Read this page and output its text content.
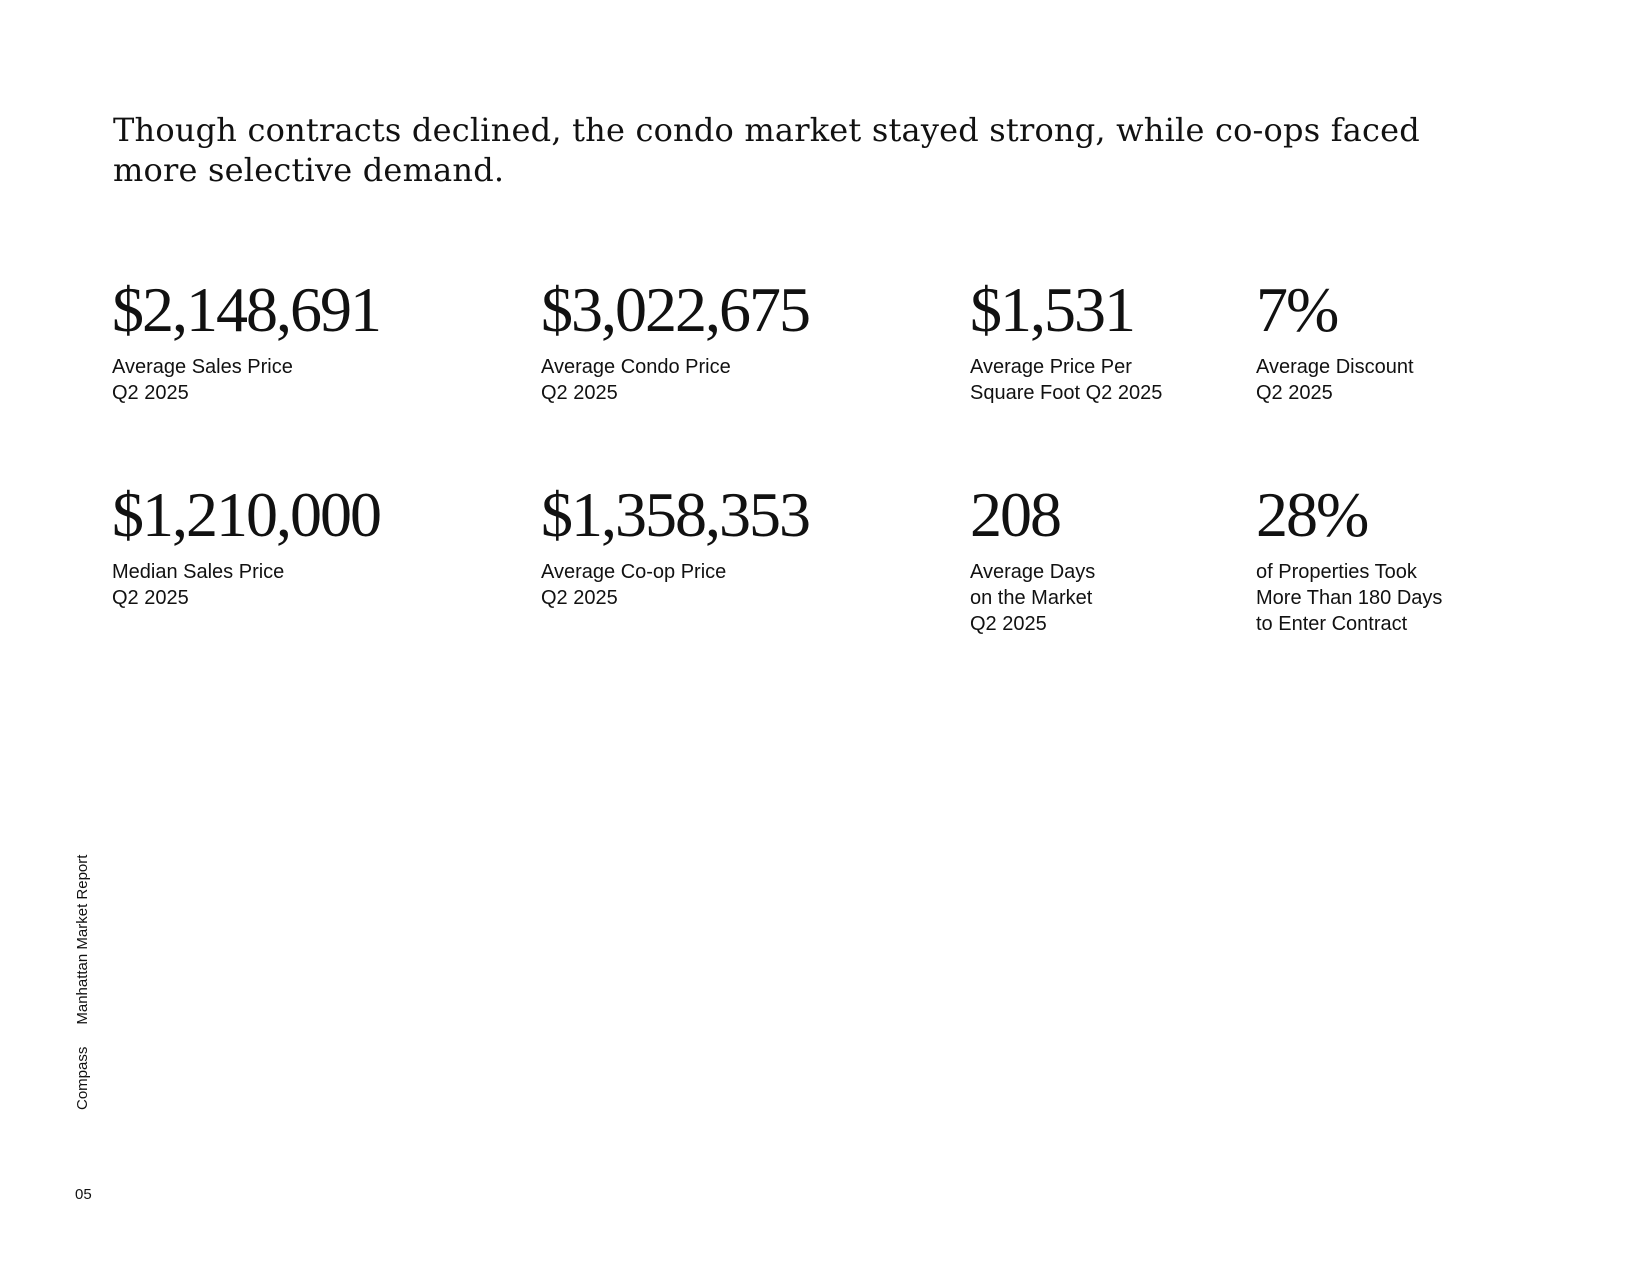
Though contracts declined, the condo market stayed strong, while co-ops faced more selective demand.
$2,148,691
Average Sales Price
Q2 2025
$3,022,675
Average Condo Price
Q2 2025
$1,531
Average Price Per
Square Foot Q2 2025
7%
Average Discount
Q2 2025
$1,210,000
Median Sales Price
Q2 2025
$1,358,353
Average Co-op Price
Q2 2025
208
Average Days
on the Market
Q2 2025
28%
of Properties Took
More Than 180 Days
to Enter Contract
CompassManhattan Market Report
05
